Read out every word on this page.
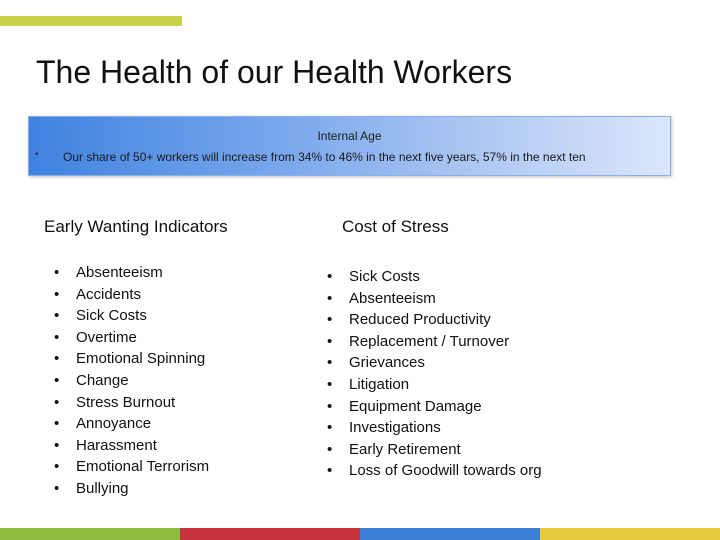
The Health of our Health Workers
•
Internal Age
Our share of 50+ workers will increase from 34% to 46% in the next five years, 57% in the next ten
Early Wanting Indicators	Cost of Stress
• Absenteeism
• Accidents
• Sick Costs
• Overtime
• Emotional Spinning
• Change
• Stress Burnout
• Annoyance
• Harassment
• Emotional Terrorism
• Bullying
• Sick Costs
• Absenteeism
• Reduced Productivity
• Replacement / Turnover
• Grievances
• Litigation
• Equipment Damage
• Investigations
• Early Retirement
• Loss of Goodwill towards org
